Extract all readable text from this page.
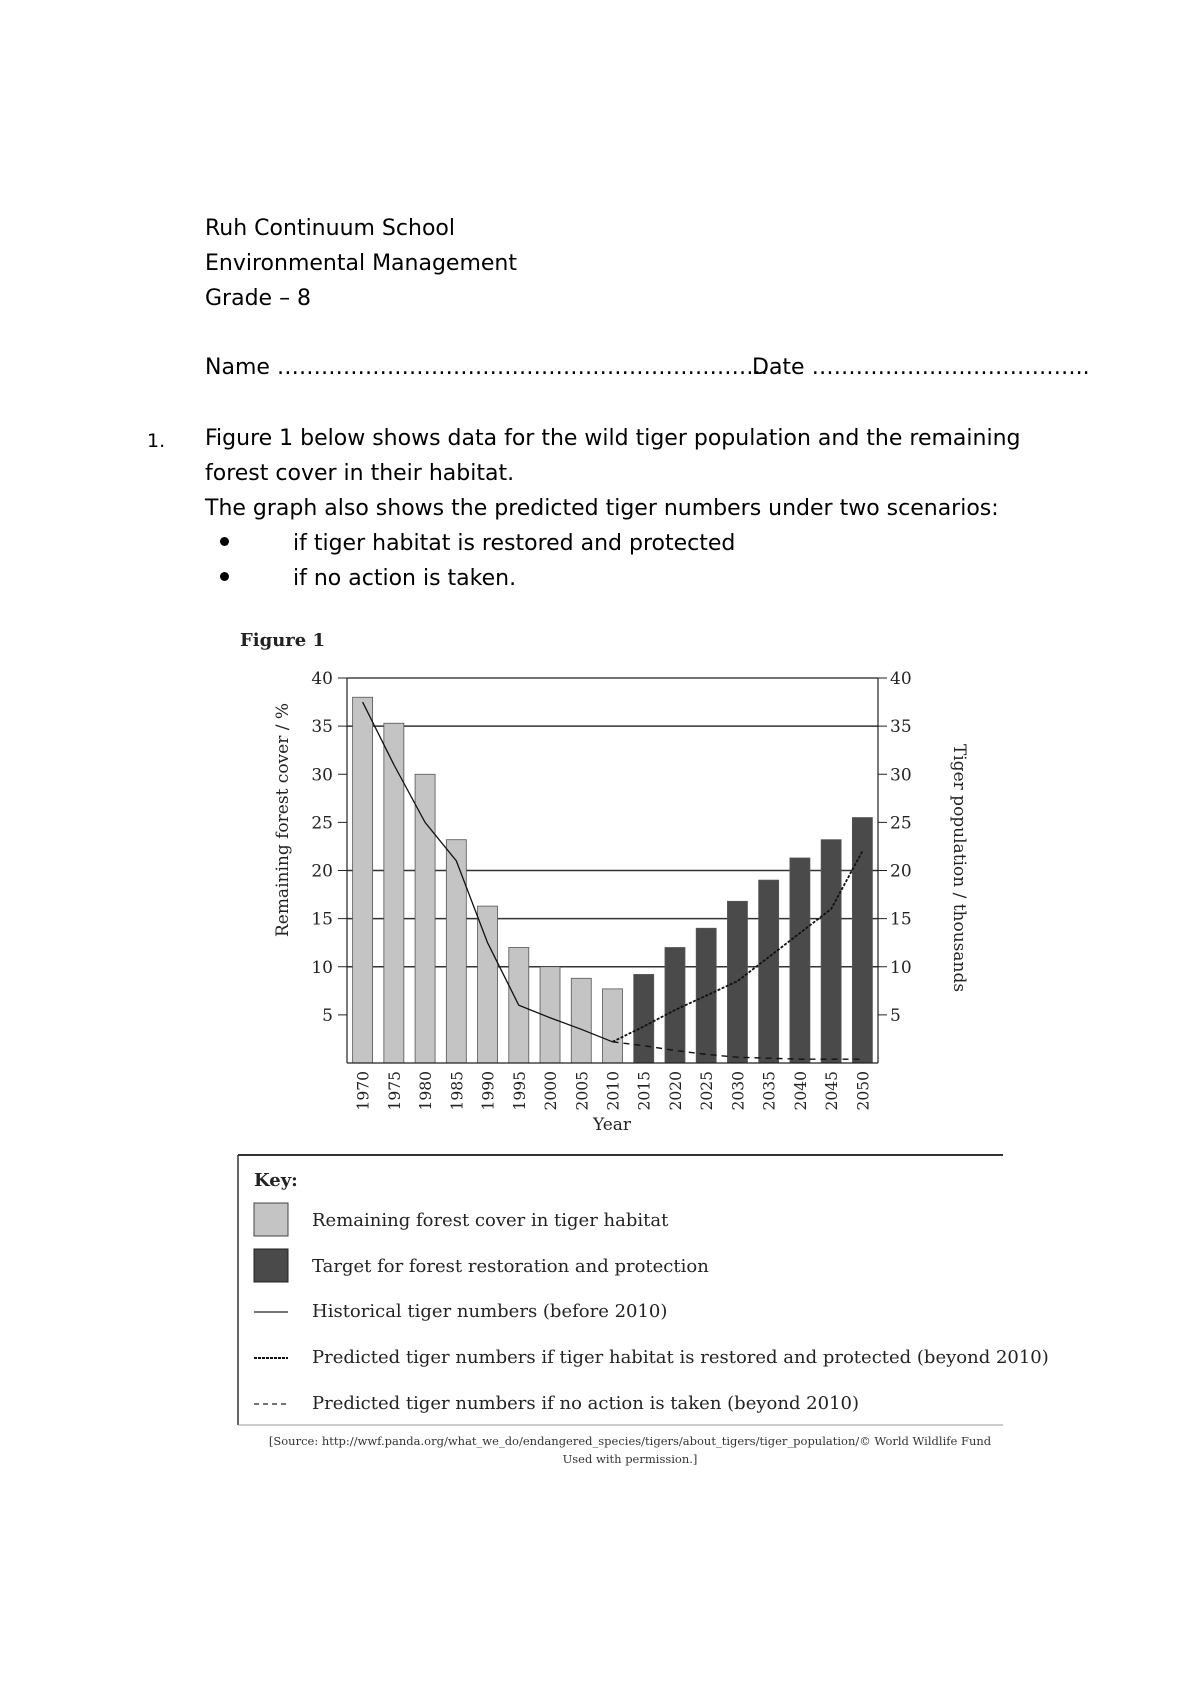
Ruh Continuum School
Environmental Management
Grade – 8
Name ………………………………………………………….
Date ………………………………..
1. Figure 1 below shows data for the wild tiger population and the remaining
forest cover in their habitat.
The graph also shows the predicted tiger numbers under two scenarios:
if tiger habitat is restored and protected
if no action is taken.
Figure 1
5	5
10	10
15	15
20	20
25	25
30	30
35	35
40	40
1970 1975 1980 1985 1990 1995 2000 2005 2010 2015 2020 2025 2030 2035 2040 2045 2050
Year
Remaining forest cover / %	Tiger population / thousands
Key:
Remaining forest cover in tiger habitat
Target for forest restoration and protection
Historical tiger numbers (before 2010)
Predicted tiger numbers if tiger habitat is restored and protected (beyond 2010)
Predicted tiger numbers if no action is taken (beyond 2010)
[Source: http://wwf.panda.org/what_we_do/endangered_species/tigers/about_tigers/tiger_population/© World Wildlife Fund
Used with permission.]
